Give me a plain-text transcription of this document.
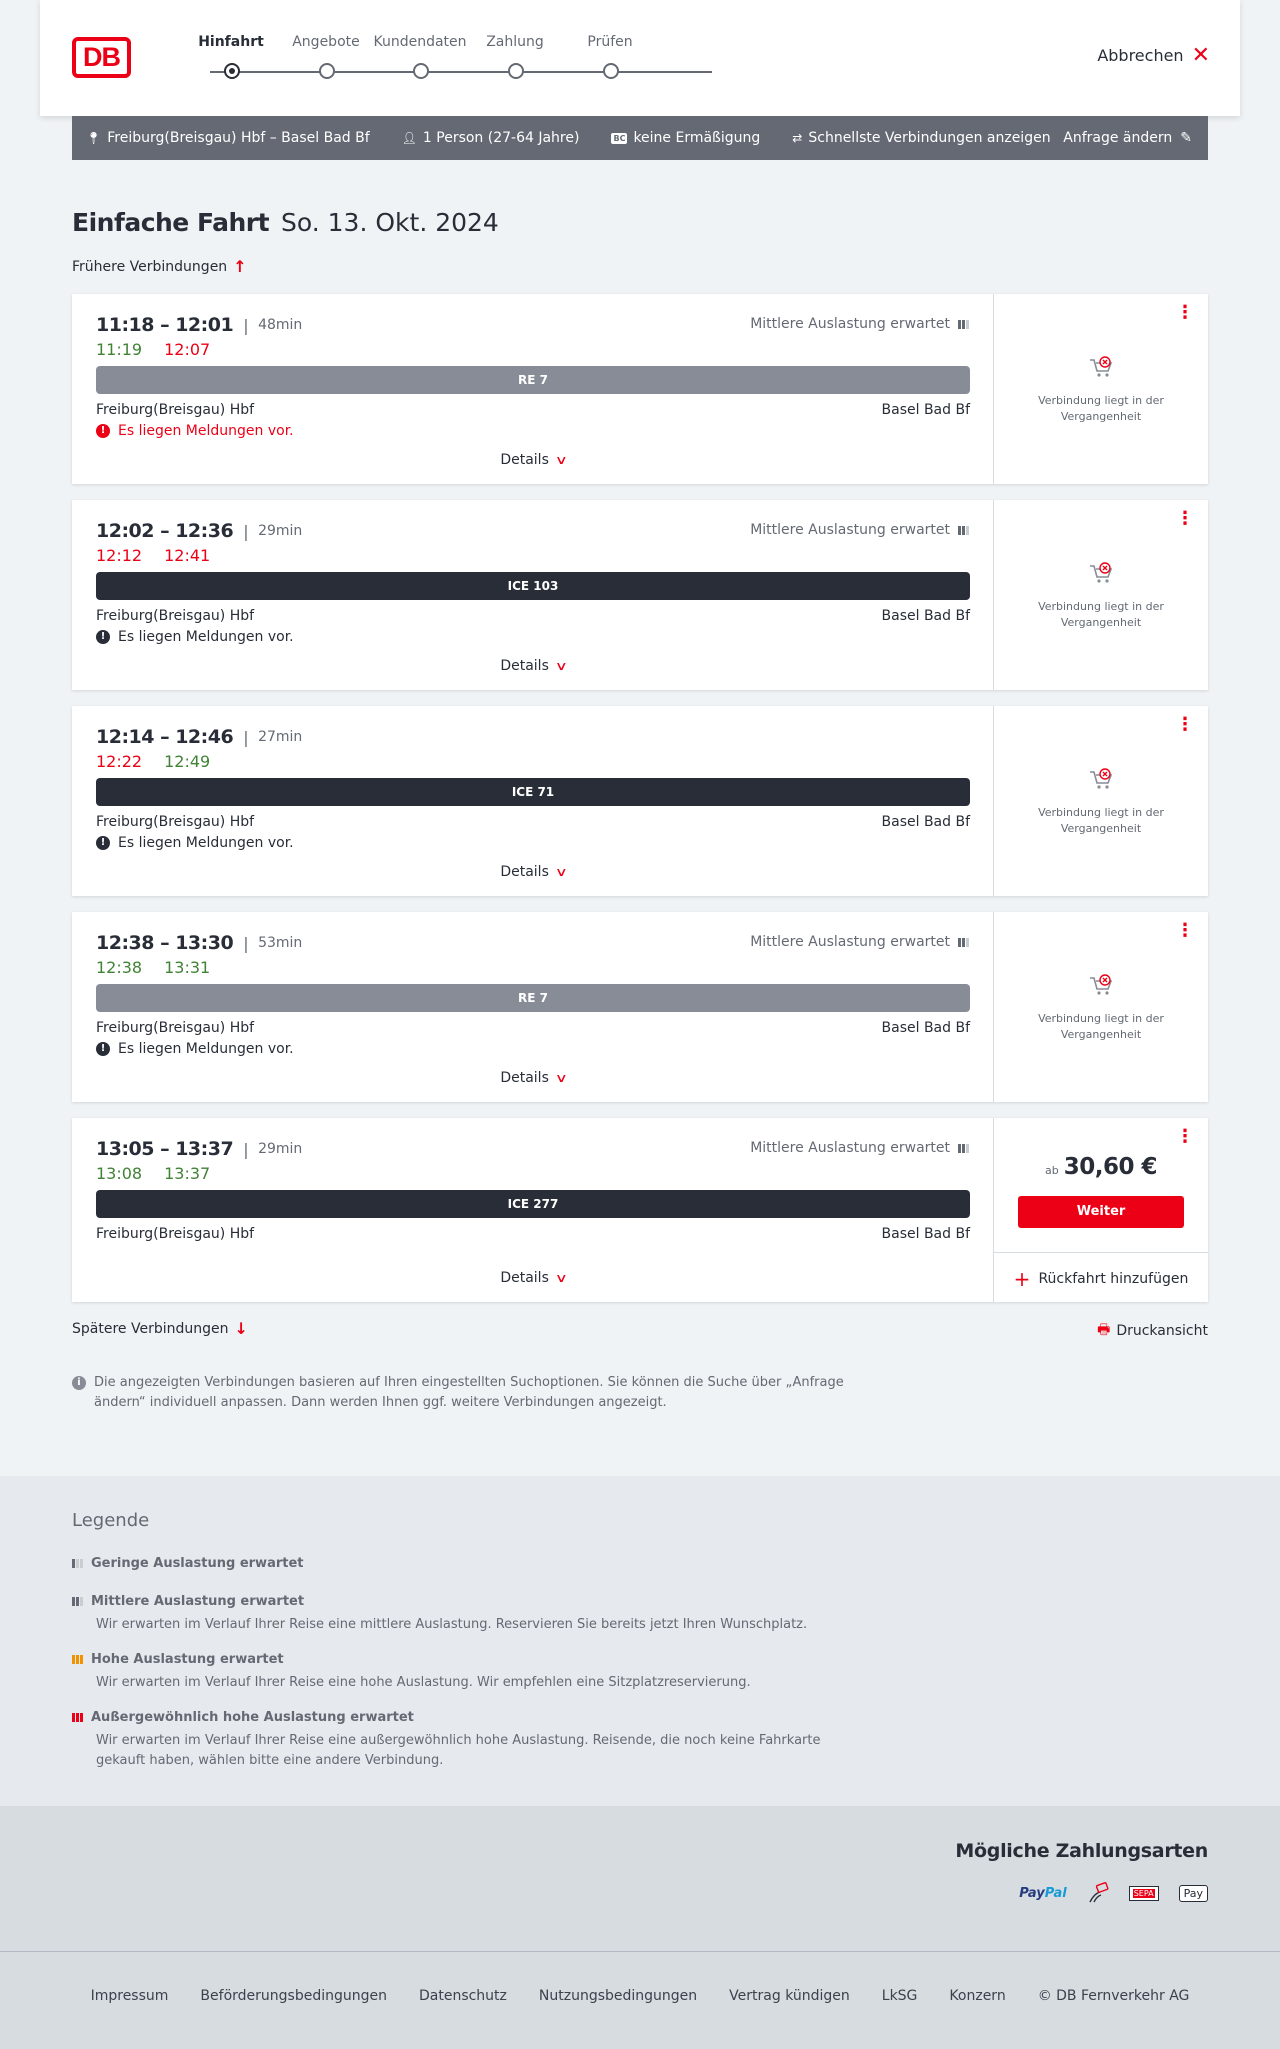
DB	Hinfahrt	Angebote Kundendaten	Zahlung	Prüfen
Abbrechen ✕
📍︎ Freiburg(Breisgau) Hbf – Basel Bad Bf	👤︎ 1 Person (27-64 Jahre)	BC keine Ermäßigung	⇄ Schnellste Verbindungen anzeigen Anfrage ändern ✎
Einfache Fahrt So. 13. Okt. 2024
Frühere Verbindungen ↑
11:18 – 12:01 | 48min
11:19 12:07
Mittlere Auslastung erwartet
RE 7
Freiburg(Breisgau) Hbf	Basel Bad Bf
! Es liegen Meldungen vor.
Details ∨
⋮
Verbindung liegt in der Vergangenheit
12:02 – 12:36 | 29min
12:12 12:41
Mittlere Auslastung erwartet
ICE 103
Freiburg(Breisgau) Hbf	Basel Bad Bf
! Es liegen Meldungen vor.
Details ∨
⋮
Verbindung liegt in der Vergangenheit
12:14 – 12:46 | 27min
12:22 12:49
ICE 71
Freiburg(Breisgau) Hbf	Basel Bad Bf
! Es liegen Meldungen vor.
Details ∨
⋮
Verbindung liegt in der Vergangenheit
12:38 – 13:30 | 53min
12:38 13:31
Mittlere Auslastung erwartet
RE 7
Freiburg(Breisgau) Hbf	Basel Bad Bf
! Es liegen Meldungen vor.
Details ∨
⋮
Verbindung liegt in der Vergangenheit
13:05 – 13:37 | 29min
13:08 13:37
Mittlere Auslastung erwartet
ICE 277
Freiburg(Breisgau) Hbf	Basel Bad Bf
Details ∨
⋮
ab 30,60 €
Weiter
+ Rückfahrt hinzufügen
Spätere Verbindungen ↓	🖶︎ Druckansicht
i	Die angezeigten Verbindungen basieren auf Ihren eingestellten Suchoptionen. Sie können die Suche über „Anfrage ändern“ individuell anpassen. Dann werden Ihnen ggf. weitere Verbindungen angezeigt.
Legende
Geringe Auslastung erwartet
Mittlere Auslastung erwartet
Wir erwarten im Verlauf Ihrer Reise eine mittlere Auslastung. Reservieren Sie bereits jetzt Ihren Wunschplatz.
Hohe Auslastung erwartet
Wir erwarten im Verlauf Ihrer Reise eine hohe Auslastung. Wir empfehlen eine Sitzplatzreservierung.
Außergewöhnlich hohe Auslastung erwartet
Wir erwarten im Verlauf Ihrer Reise eine außergewöhnlich hohe Auslastung. Reisende, die noch keine Fahrkarte gekauft haben, wählen bitte eine andere Verbindung.
Mögliche Zahlungsarten
PayPal	SEPA	Pay
Impressum Beförderungsbedingungen Datenschutz Nutzungsbedingungen Vertrag kündigen LkSG Konzern © DB Fernverkehr AG
